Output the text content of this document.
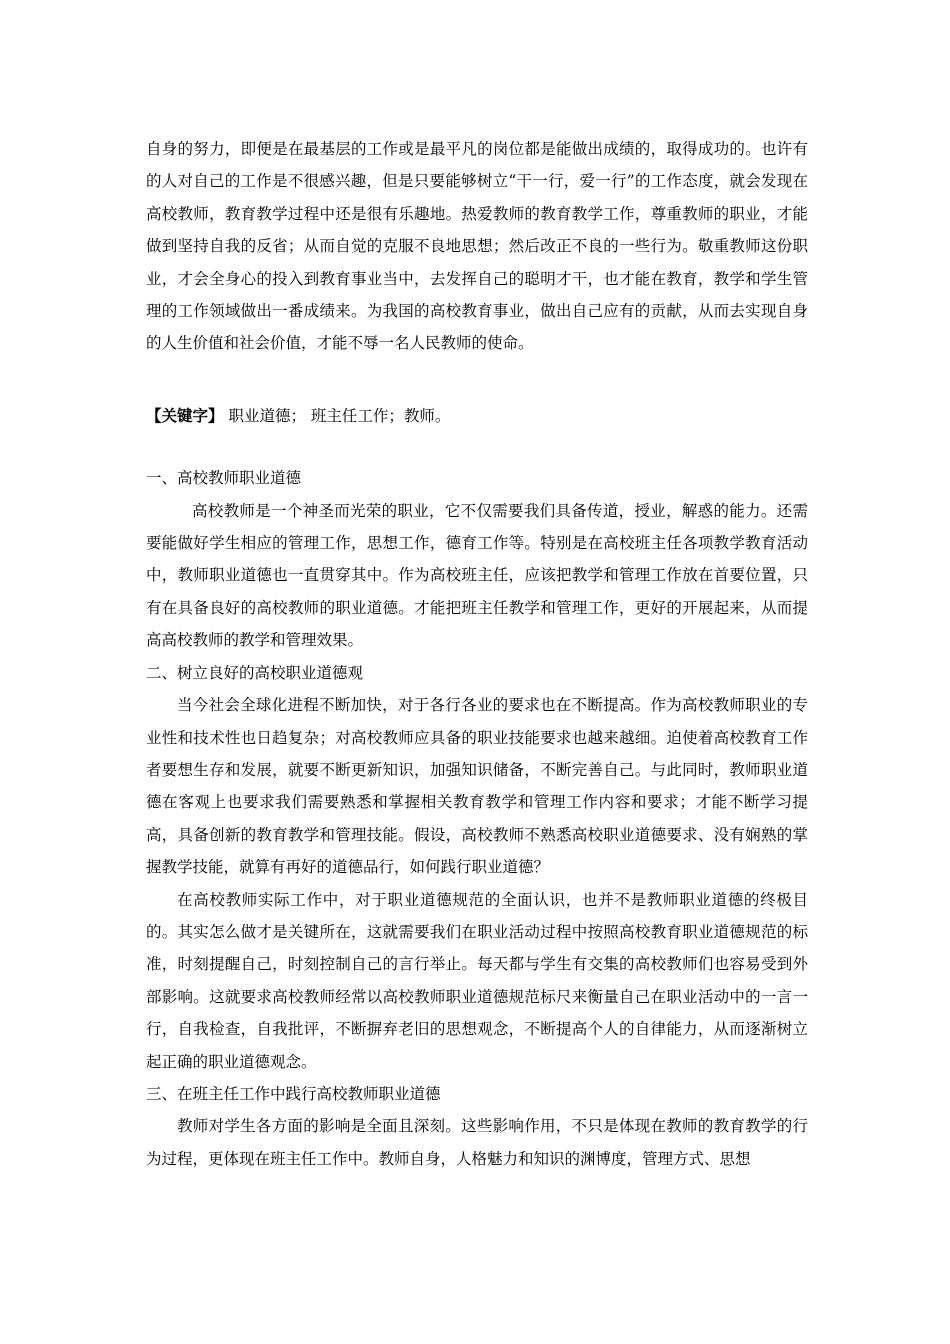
自身的努力，即便是在最基层的工作或是最平凡的岗位都是能做出成绩的，取得成功的。也许有的人对自己的工作是不很感兴趣，但是只要能够树立“干一行，爱一行”的工作态度，就会发现在高校教师，教育教学过程中还是很有乐趣地。热爱教师的教育教学工作，尊重教师的职业，才能做到坚持自我的反省；从而自觉的克服不良地思想；然后改正不良的一些行为。敬重教师这份职业，才会全身心的投入到教育事业当中，去发挥自己的聪明才干，也才能在教育，教学和学生管理的工作领域做出一番成绩来。为我国的高校教育事业，做出自己应有的贡献，从而去实现自身的人生价值和社会价值，才能不辱一名人民教师的使命。

【关键字】 职业道德； 班主任工作；教师。

一、高校教师职业道德

高校教师是一个神圣而光荣的职业，它不仅需要我们具备传道，授业，解惑的能力。还需要能做好学生相应的管理工作，思想工作，德育工作等。特别是在高校班主任各项教学教育活动中，教师职业道德也一直贯穿其中。作为高校班主任，应该把教学和管理工作放在首要位置，只有在具备良好的高校教师的职业道德。才能把班主任教学和管理工作，更好的开展起来，从而提高高校教师的教学和管理效果。

二、树立良好的高校职业道德观

当今社会全球化进程不断加快，对于各行各业的要求也在不断提高。作为高校教师职业的专业性和技术性也日趋复杂；对高校教师应具备的职业技能要求也越来越细。迫使着高校教育工作者要想生存和发展，就要不断更新知识，加强知识储备，不断完善自己。与此同时，教师职业道德在客观上也要求我们需要熟悉和掌握相关教育教学和管理工作内容和要求；才能不断学习提高，具备创新的教育教学和管理技能。假设，高校教师不熟悉高校职业道德要求、没有娴熟的掌握教学技能，就算有再好的道德品行，如何践行职业道德？

在高校教师实际工作中，对于职业道德规范的全面认识，也并不是教师职业道德的终极目的。其实怎么做才是关键所在，这就需要我们在职业活动过程中按照高校教育职业道德规范的标准，时刻提醒自己，时刻控制自己的言行举止。每天都与学生有交集的高校教师们也容易受到外部影响。这就要求高校教师经常以高校教师职业道德规范标尺来衡量自己在职业活动中的一言一行，自我检查，自我批评，不断摒弃老旧的思想观念，不断提高个人的自律能力，从而逐渐树立起正确的职业道德观念。

三、在班主任工作中践行高校教师职业道德

教师对学生各方面的影响是全面且深刻。这些影响作用，不只是体现在教师的教育教学的行为过程，更体现在班主任工作中。教师自身，人格魅力和知识的渊博度，管理方式、思想
